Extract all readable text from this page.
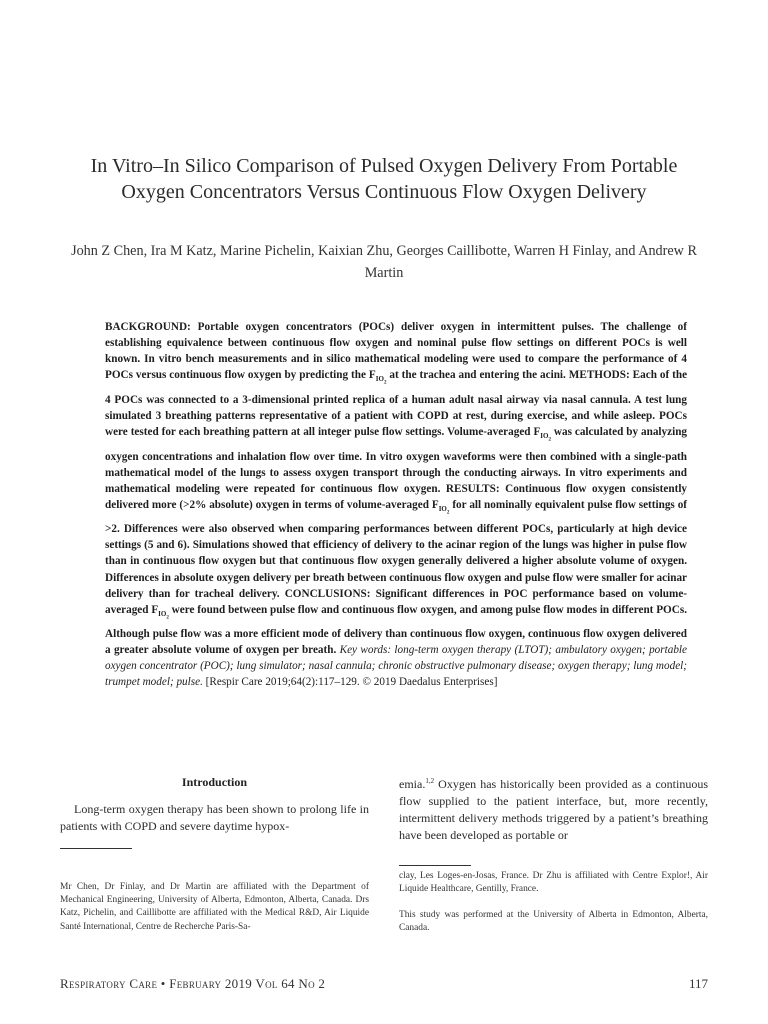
In Vitro–In Silico Comparison of Pulsed Oxygen Delivery From Portable Oxygen Concentrators Versus Continuous Flow Oxygen Delivery
John Z Chen, Ira M Katz, Marine Pichelin, Kaixian Zhu, Georges Caillibotte, Warren H Finlay, and Andrew R Martin
BACKGROUND: Portable oxygen concentrators (POCs) deliver oxygen in intermittent pulses. The challenge of establishing equivalence between continuous flow oxygen and nominal pulse flow settings on different POCs is well known. In vitro bench measurements and in silico mathematical modeling were used to compare the performance of 4 POCs versus continuous flow oxygen by predicting the $F_{IO_2}$ at the trachea and entering the acini. METHODS: Each of the 4 POCs was connected to a 3-dimensional printed replica of a human adult nasal airway via nasal cannula. A test lung simulated 3 breathing patterns representative of a patient with COPD at rest, during exercise, and while asleep. POCs were tested for each breathing pattern at all integer pulse flow settings. Volume-averaged $F_{IO_2}$ was calculated by analyzing oxygen concentrations and inhalation flow over time. In vitro oxygen waveforms were then combined with a single-path mathematical model of the lungs to assess oxygen transport through the conducting airways. In vitro experiments and mathematical modeling were repeated for continuous flow oxygen. RESULTS: Continuous flow oxygen consistently delivered more (>2% absolute) oxygen in terms of volume-averaged $F_{IO_2}$ for all nominally equivalent pulse flow settings of >2. Differences were also observed when comparing performances between different POCs, particularly at high device settings (5 and 6). Simulations showed that efficiency of delivery to the acinar region of the lungs was higher in pulse flow than in continuous flow oxygen but that continuous flow oxygen generally delivered a higher absolute volume of oxygen. Differences in absolute oxygen delivery per breath between continuous flow oxygen and pulse flow were smaller for acinar delivery than for tracheal delivery. CONCLUSIONS: Significant differences in POC performance based on volume-averaged $F_{IO_2}$ were found between pulse flow and continuous flow oxygen, and among pulse flow modes in different POCs. Although pulse flow was a more efficient mode of delivery than continuous flow oxygen, continuous flow oxygen delivered a greater absolute volume of oxygen per breath. Key words: long-term oxygen therapy (LTOT); ambulatory oxygen; portable oxygen concentrator (POC); lung simulator; nasal cannula; chronic obstructive pulmonary disease; oxygen therapy; lung model; trumpet model; pulse. [Respir Care 2019;64(2):117–129. © 2019 Daedalus Enterprises]
Introduction
Long-term oxygen therapy has been shown to prolong life in patients with COPD and severe daytime hypox-
emia.$^{1,2}$ Oxygen has historically been provided as a continuous flow supplied to the patient interface, but, more recently, intermittent delivery methods triggered by a patient’s breathing have been developed as portable or
Mr Chen, Dr Finlay, and Dr Martin are affiliated with the Department of Mechanical Engineering, University of Alberta, Edmonton, Alberta, Canada. Drs Katz, Pichelin, and Caillibotte are affiliated with the Medical R&D, Air Liquide Santé International, Centre de Recherche Paris-Sa-
clay, Les Loges-en-Josas, France. Dr Zhu is affiliated with Centre Explor!, Air Liquide Healthcare, Gentilly, France.
This study was performed at the University of Alberta in Edmonton, Alberta, Canada.
Respiratory Care • February 2019 Vol 64 No 2	117
